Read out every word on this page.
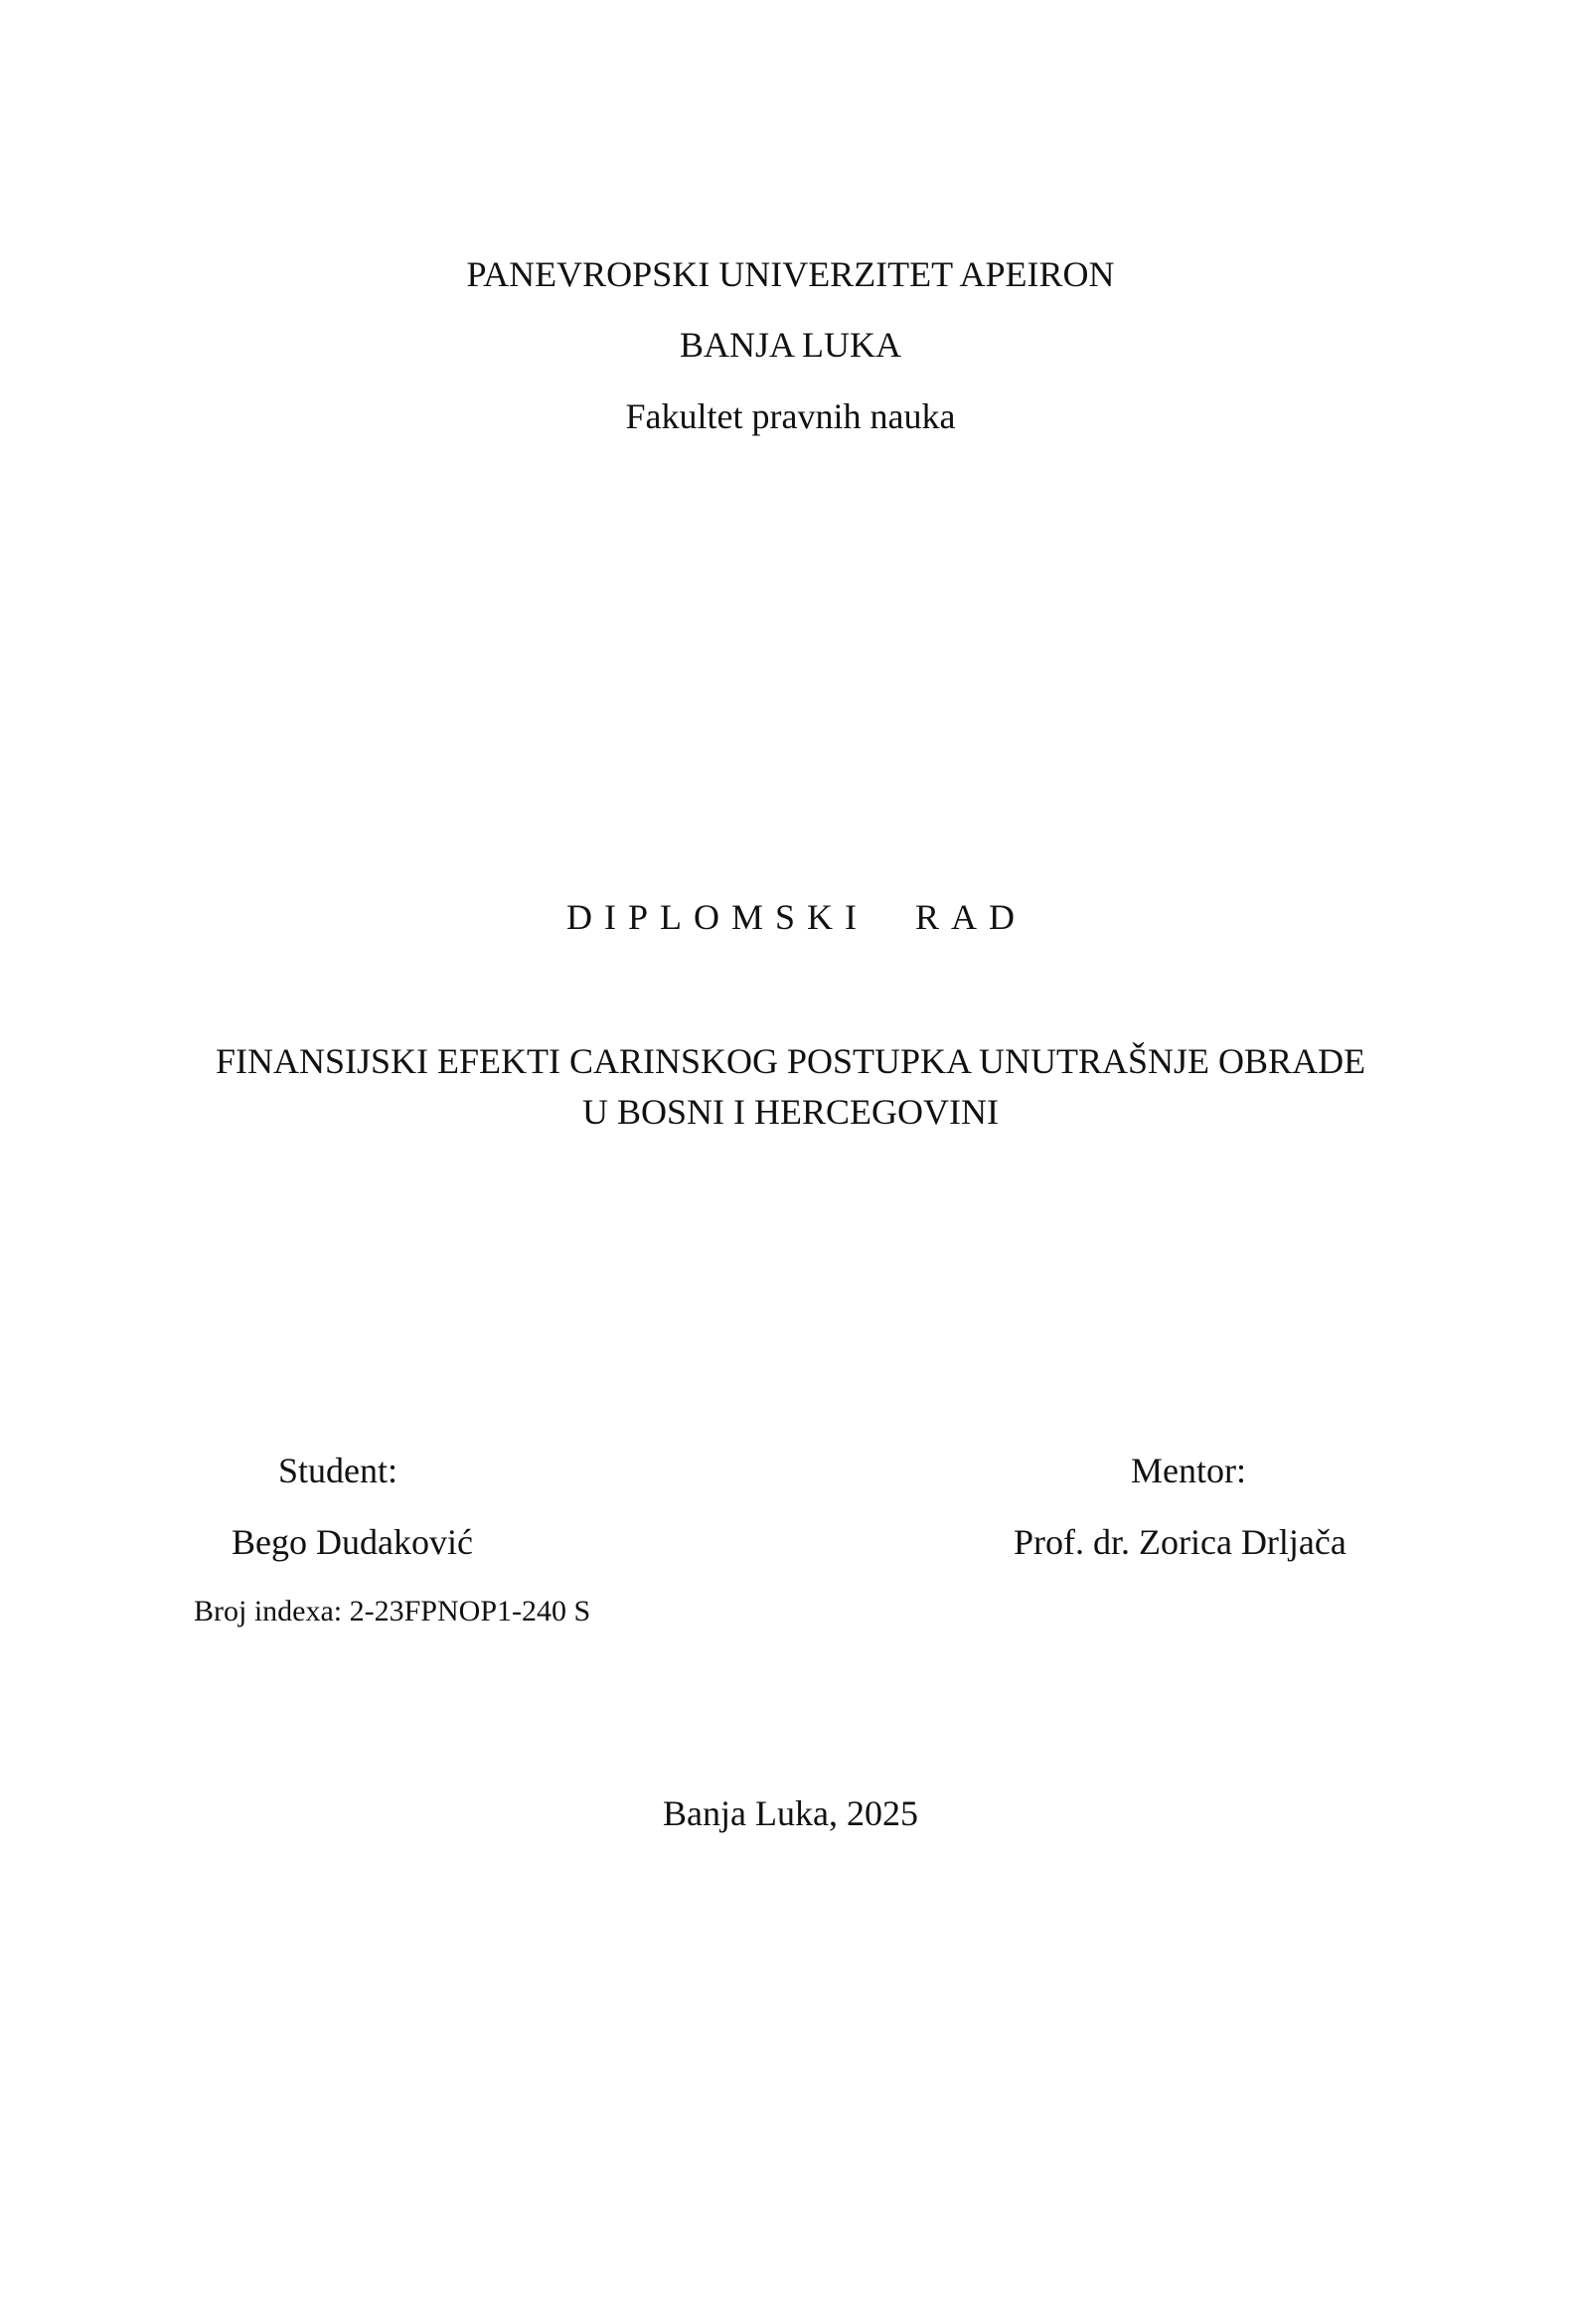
PANEVROPSKI UNIVERZITET APEIRON
BANJA LUKA
Fakultet pravnih nauka
DIPLOMSKI RAD
FINANSIJSKI EFEKTI CARINSKOG POSTUPKA UNUTRAŠNJE OBRADE
U BOSNI I HERCEGOVINI
Student:
Bego Dudaković
Broj indexa: 2-23FPNOP1-240 S
Mentor:
Prof. dr. Zorica Drljača
Banja Luka, 2025
